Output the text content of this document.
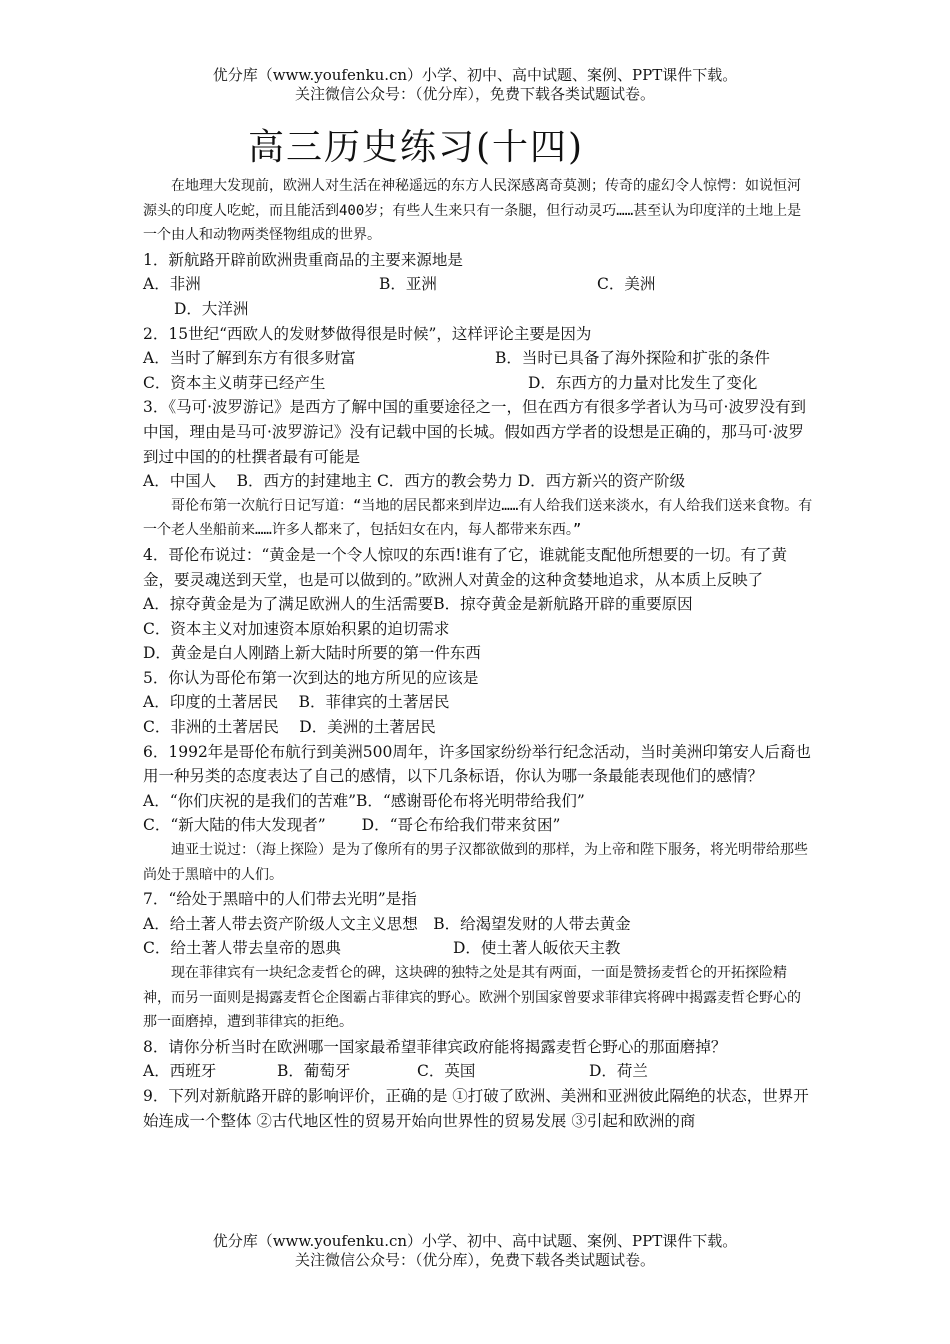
优分库（www.youfenku.cn）小学、初中、高中试题、案例、PPT课件下载。
关注微信公众号：（优分库），免费下载各类试题试卷。
高三历史练习(十四)

在地理大发现前，欧洲人对生活在神秘遥远的东方人民深感离奇莫测；传奇的虚幻令人惊愕：如说恒河源头的印度人吃蛇，而且能活到400岁；有些人生来只有一条腿，但行动灵巧……甚至认为印度洋的土地上是一个由人和动物两类怪物组成的世界。

1．新航路开辟前欧洲贵重商品的主要来源地是

A．非洲	B．亚洲	C．美洲

D．大洋洲

2．15世纪“西欧人的发财梦做得很是时候”，这样评论主要是因为

A．当时了解到东方有很多财富	B．当时已具备了海外探险和扩张的条件
C．资本主义萌芽已经产生	D．东西方的力量对比发生了变化

3．《马可·波罗游记》是西方了解中国的重要途径之一，但在西方有很多学者认为马可·波罗没有到中国，理由是马可·波罗游记》没有记载中国的长城。假如西方学者的设想是正确的，那马可·波罗到过中国的的杜撰者最有可能是

A．中国人　 B．西方的封建地主 C．西方的教会势力 D．西方新兴的资产阶级

哥伦布第一次航行日记写道：“当地的居民都来到岸边……有人给我们送来淡水，有人给我们送来食物。有一个老人坐船前来……许多人都来了，包括妇女在内，每人都带来东西。”

4．哥伦布说过：“黄金是一个令人惊叹的东西!谁有了它，谁就能支配他所想要的一切。有了黄金，要灵魂送到天堂，也是可以做到的。”欧洲人对黄金的这种贪婪地追求，从本质上反映了

A．掠夺黄金是为了满足欧洲人的生活需要B．掠夺黄金是新航路开辟的重要原因

C．资本主义对加速资本原始积累的迫切需求

D．黄金是白人刚踏上新大陆时所要的第一件东西

5．你认为哥伦布第一次到达的地方所见的应该是

A．印度的土著居民　 B．菲律宾的土著居民

C．非洲的土著居民　 D．美洲的土著居民

6．1992年是哥伦布航行到美洲500周年，许多国家纷纷举行纪念活动，当时美洲印第安人后裔也用一种另类的态度表达了自己的感情，以下几条标语，你认为哪一条最能表现他们的感情？

A．“你们庆祝的是我们的苦难”B．“感谢哥伦布将光明带给我们”

C．“新大陆的伟大发现者”　　 D．“哥仑布给我们带来贫困”

迪亚士说过：（海上探险）是为了像所有的男子汉都欲做到的那样，为上帝和陛下服务，将光明带给那些尚处于黑暗中的人们。

7．“给处于黑暗中的人们带去光明”是指

A．给土著人带去资产阶级人文主义思想　B．给渴望发财的人带去黄金

C．给土著人带去皇帝的恩典	D．使土著人皈依天主教

现在菲律宾有一块纪念麦哲仑的碑，这块碑的独特之处是其有两面，一面是赞扬麦哲仑的开拓探险精神，而另一面则是揭露麦哲仑企图霸占菲律宾的野心。欧洲个别国家曾要求菲律宾将碑中揭露麦哲仑野心的那一面磨掉，遭到菲律宾的拒绝。

8．请你分析当时在欧洲哪一国家最希望菲律宾政府能将揭露麦哲仑野心的那面磨掉？

A．西班牙	B．葡萄牙	C．英国	D．荷兰

9．下列对新航路开辟的影响评价，正确的是 ①打破了欧洲、美洲和亚洲彼此隔绝的状态，世界开始连成一个整体 ②古代地区性的贸易开始向世界性的贸易发展 ③引起和欧洲的商

优分库（www.youfenku.cn）小学、初中、高中试题、案例、PPT课件下载。
关注微信公众号：（优分库），免费下载各类试题试卷。
